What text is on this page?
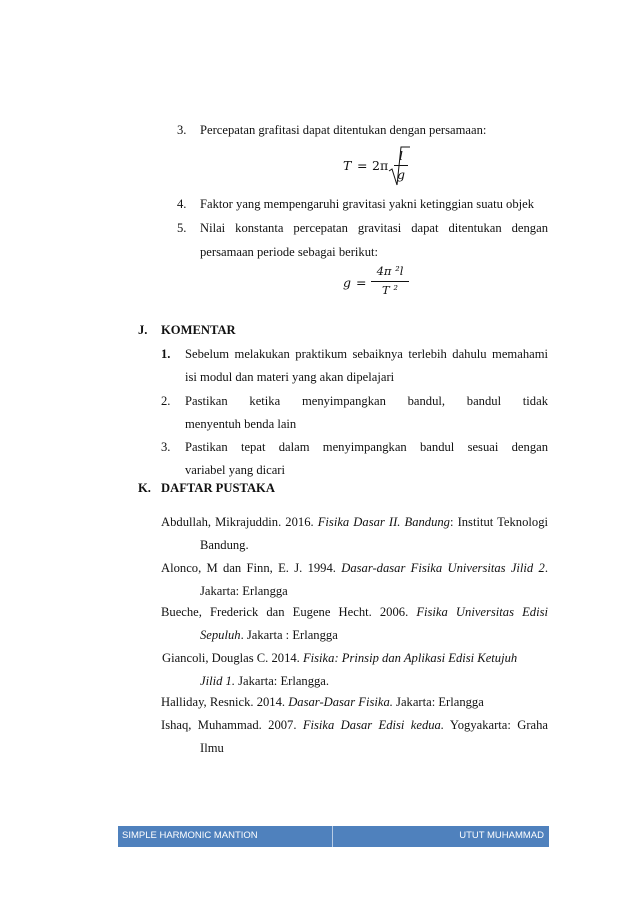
3. Percepatan grafitasi dapat ditentukan dengan persamaan:
T = 2π
l
g
4. Faktor yang mempengaruhi gravitasi yakni ketinggian suatu objek
5. Nilai konstanta percepatan gravitasi dapat ditentukan dengan
persamaan periode sebagai berikut:
g =
4π ²l
T ²
J. KOMENTAR
1. Sebelum melakukan praktikum sebaiknya terlebih dahulu memahami
isi modul dan materi yang akan dipelajari
2. Pastikan ketika menyimpangkan bandul, bandul tidak
menyentuh benda lain
3. Pastikan tepat dalam menyimpangkan bandul sesuai dengan
variabel yang dicari
K. DAFTAR PUSTAKA
Abdullah, Mikrajuddin. 2016. Fisika Dasar II. Bandung: Institut Teknologi
Bandung.
Alonco, M dan Finn, E. J. 1994. Dasar-dasar Fisika Universitas Jilid 2.
Jakarta: Erlangga
Bueche, Frederick dan Eugene Hecht. 2006. Fisika Universitas Edisi
Sepuluh. Jakarta : Erlangga
Giancoli, Douglas C. 2014. Fisika: Prinsip dan Aplikasi Edisi Ketujuh
Jilid 1. Jakarta: Erlangga.
Halliday, Resnick. 2014. Dasar-Dasar Fisika. Jakarta: Erlangga
Ishaq, Muhammad. 2007. Fisika Dasar Edisi kedua. Yogyakarta: Graha
Ilmu
SIMPLE HARMONIC MANTION	UTUT MUHAMMAD
